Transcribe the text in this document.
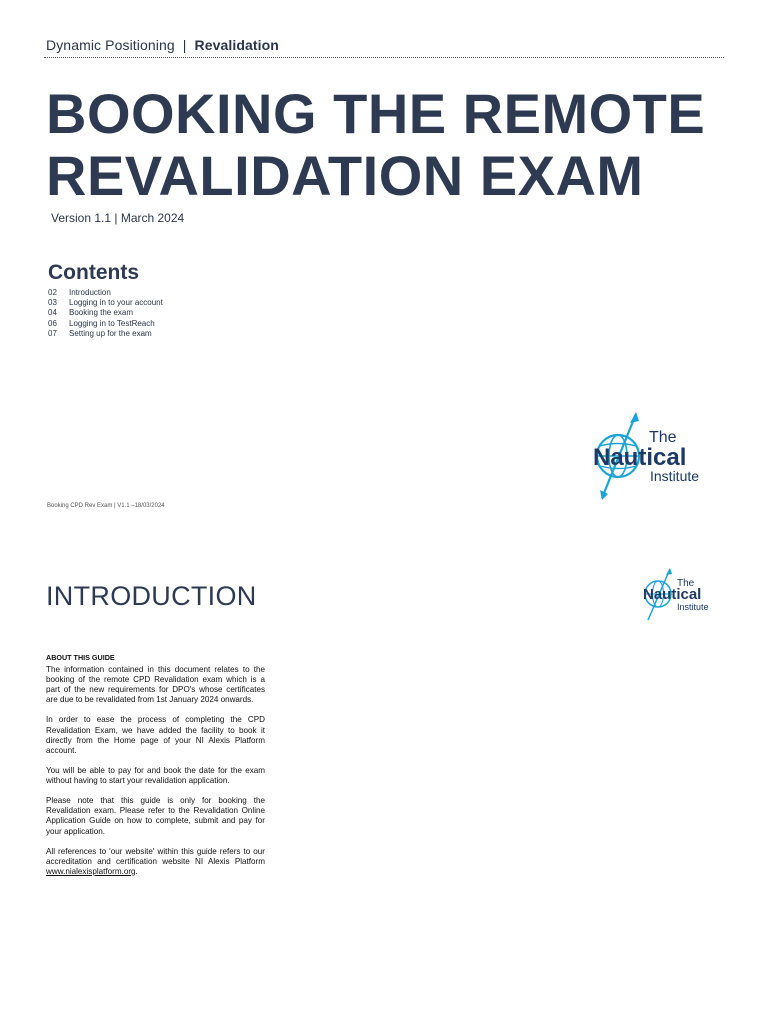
Dynamic Positioning | Revalidation
BOOKING THE REMOTE
REVALIDATION EXAM
Version 1.1 | March 2024
Contents
02	Introduction
03	Logging in to your account
04	Booking the exam
06	Logging in to TestReach
07	Setting up for the exam
The
Nautical
Institute
Booking CPD Rev Exam | V1.1 –18/03/2024
INTRODUCTION	The
Nautical
Institute
ABOUT THIS GUIDE

The information contained in this document relates to the booking of the remote CPD Revalidation exam which is a part of the new requirements for DPO's whose certificates are due to be revalidated from 1st January 2024 onwards.

In order to ease the process of completing the CPD Revalidation Exam, we have added the facility to book it directly from the Home page of your NI Alexis Platform account.

You will be able to pay for and book the date for the exam without having to start your revalidation application.

Please note that this guide is only for booking the Revalidation exam. Please refer to the Revalidation Online Application Guide on how to complete, submit and pay for your application.

All references to 'our website' within this guide refers to our accreditation and certification website NI Alexis Platform www.nialexisplatform.org.
